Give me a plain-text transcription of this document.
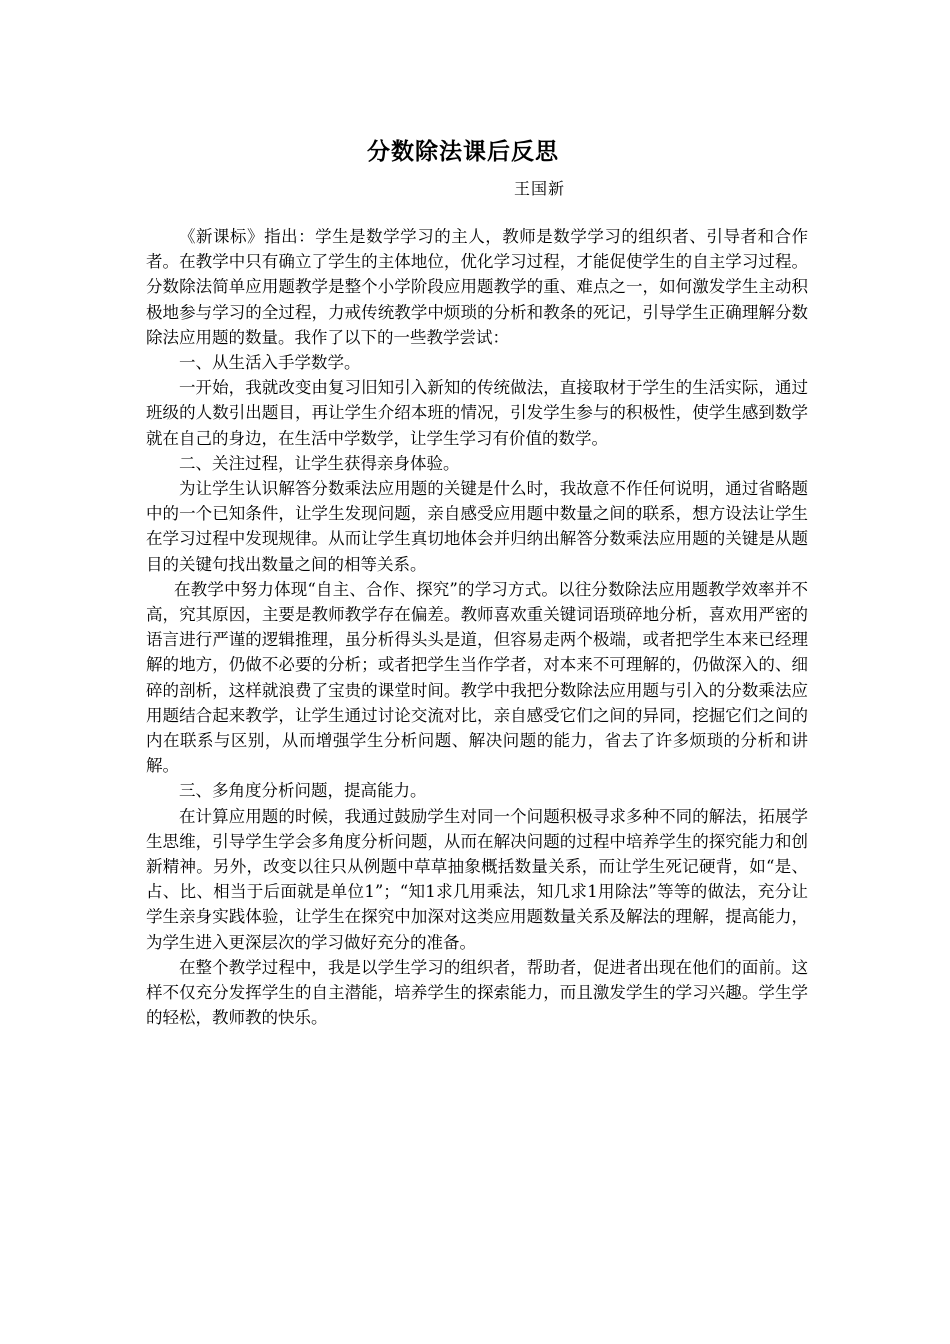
分数除法课后反思
王国新

《新课标》指出：学生是数学学习的主人，教师是数学学习的组织者、引导者和合作者。在教学中只有确立了学生的主体地位，优化学习过程，才能促使学生的自主学习过程。分数除法简单应用题教学是整个小学阶段应用题教学的重、难点之一，如何激发学生主动积极地参与学习的全过程，力戒传统教学中烦琐的分析和教条的死记，引导学生正确理解分数除法应用题的数量。我作了以下的一些教学尝试：

一、从生活入手学数学。

一开始，我就改变由复习旧知引入新知的传统做法，直接取材于学生的生活实际，通过班级的人数引出题目，再让学生介绍本班的情况，引发学生参与的积极性，使学生感到数学就在自己的身边，在生活中学数学，让学生学习有价值的数学。

二、关注过程，让学生获得亲身体验。

为让学生认识解答分数乘法应用题的关键是什么时，我故意不作任何说明，通过省略题中的一个已知条件，让学生发现问题，亲自感受应用题中数量之间的联系，想方设法让学生在学习过程中发现规律。从而让学生真切地体会并归纳出解答分数乘法应用题的关键是从题目的关键句找出数量之间的相等关系。

在教学中努力体现“自主、合作、探究”的学习方式。以往分数除法应用题教学效率并不高，究其原因，主要是教师教学存在偏差。教师喜欢重关键词语琐碎地分析，喜欢用严密的语言进行严谨的逻辑推理，虽分析得头头是道，但容易走两个极端，或者把学生本来已经理解的地方，仍做不必要的分析；或者把学生当作学者，对本来不可理解的，仍做深入的、细碎的剖析，这样就浪费了宝贵的课堂时间。教学中我把分数除法应用题与引入的分数乘法应用题结合起来教学，让学生通过讨论交流对比，亲自感受它们之间的异同，挖掘它们之间的内在联系与区别，从而增强学生分析问题、解决问题的能力，省去了许多烦琐的分析和讲解。

三、多角度分析问题，提高能力。

在计算应用题的时候，我通过鼓励学生对同一个问题积极寻求多种不同的解法，拓展学生思维，引导学生学会多角度分析问题，从而在解决问题的过程中培养学生的探究能力和创新精神。另外，改变以往只从例题中草草抽象概括数量关系，而让学生死记硬背，如“是、占、比、相当于后面就是单位1”；“知1求几用乘法，知几求1用除法”等等的做法，充分让学生亲身实践体验，让学生在探究中加深对这类应用题数量关系及解法的理解，提高能力，为学生进入更深层次的学习做好充分的准备。

在整个教学过程中，我是以学生学习的组织者，帮助者，促进者出现在他们的面前。这样不仅充分发挥学生的自主潜能，培养学生的探索能力，而且激发学生的学习兴趣。学生学的轻松，教师教的快乐。
